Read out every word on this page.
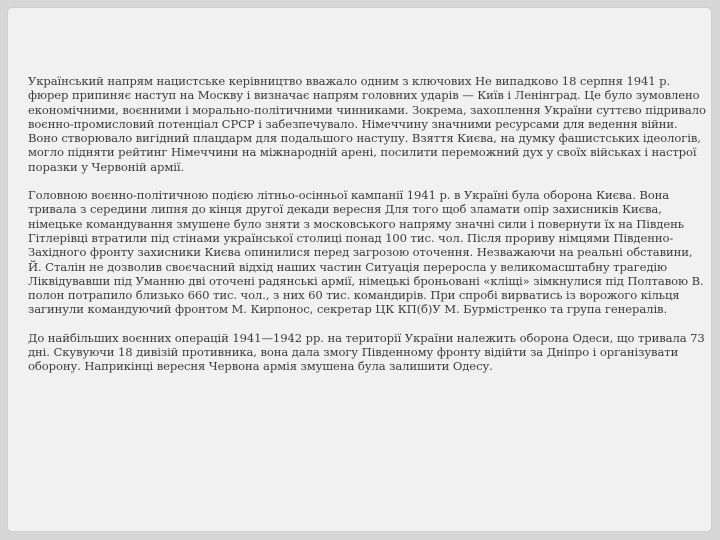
Український напрям нацистське керівництво вважало одним з ключових Не випадково 18 серпня 1941 р. фюрер припиняє наступ на Москву і визначає напрям головних ударів — Київ і Ленінград. Це було зумовлено економічними, воєнними і морально-політичними чинниками. Зокрема, захоплення України суттєво підривало воєнно-промисловий потенціал СРСР і забезпечувало. Німеччину значними ресурсами для ведення війни. Воно створювало вигідний плацдарм для подальшого наступу. Взяття Києва, на думку фашистських ідеологів, могло підняти рейтинг Німеччини на міжнародній арені, посилити переможний дух у своїх військах і настрої поразки у Червоній армії.

Головною воєнно-політичною подією літньо-осінньої кампанії 1941 р. в Україні була оборона Києва. Вона тривала з середини липня до кінця другої декади вересня Для того щоб зламати опір захисників Києва, німецьке командування змушене було зняти з московського напряму значні сили і повернути їх на Південь Гітлерівці втратили під стінами української столиці понад 100 тис. чол. Після прориву німцями Південно-Західного фронту захисники Києва опинилися перед загрозою оточення. Незважаючи на реальні обставини, Й. Сталін не дозволив своєчасний відхід наших частин Ситуація переросла у великомасштабну трагедію Ліквідувавши під Уманню дві оточені радянські армії, німецькі броньовані «кліщі» зімкнулися під Полтавою В. полон потрапило близько 660 тис. чол., з них 60 тис. командирів. При спробі вирватись із ворожого кільця загинули командуючий фронтом М. Кирпонос, секретар ЦК КП(б)У М. Бурмістренко та група генералів.

До найбільших воєнних операцій 1941—1942 рр. на території України належить оборона Одеси, що тривала 73 дні. Скувуючи 18 дивізій противника, вона дала змогу Південному фронту відійти за Дніпро і організувати оборону. Наприкінці вересня Червона армія змушена була залишити Одесу.
